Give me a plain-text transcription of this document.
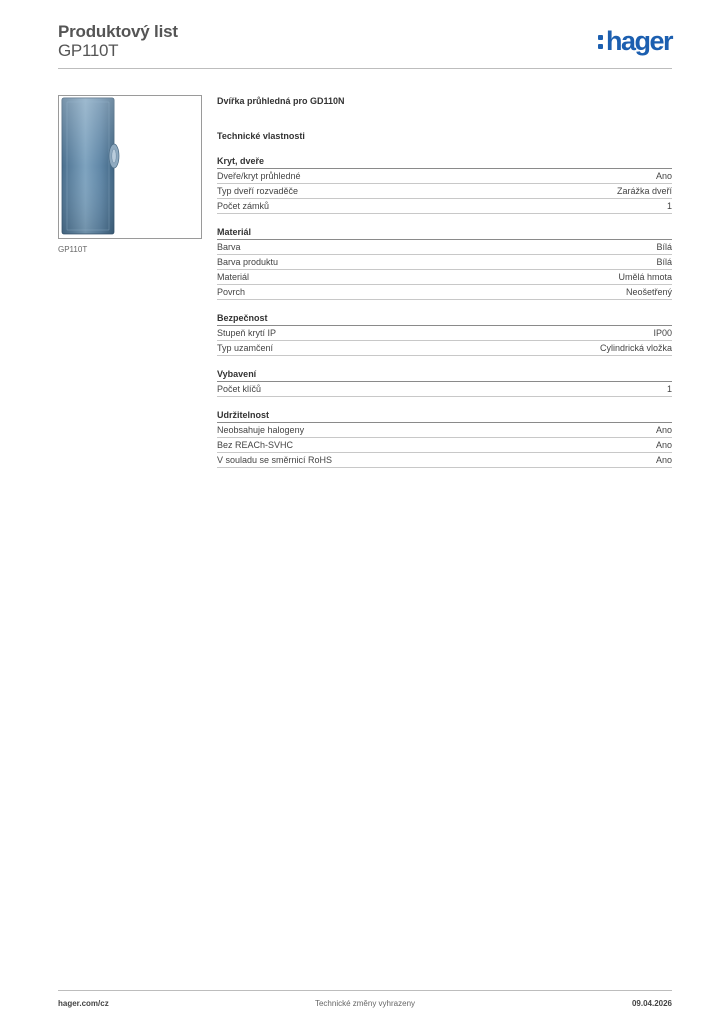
Produktový list
GP110T	hager
GP110T
Dvířka průhledná pro GD110N
Technické vlastnosti
Kryt, dveře
Dveře/kryt průhledné	Ano
Typ dveří rozvaděče	Zarážka dveří
Počet zámků	1
Materiál
Barva	Bílá
Barva produktu	Bílá
Materiál	Umělá hmota
Povrch	Neošetřený
Bezpečnost
Stupeň krytí IP	IP00
Typ uzamčení	Cylindrická vložka
Vybavení
Počet klíčů	1
Udržitelnost
Neobsahuje halogeny	Ano
Bez REACh-SVHC	Ano
V souladu se směrnicí RoHS	Ano
hager.com/cz	Technické změny vyhrazeny	09.04.2026
